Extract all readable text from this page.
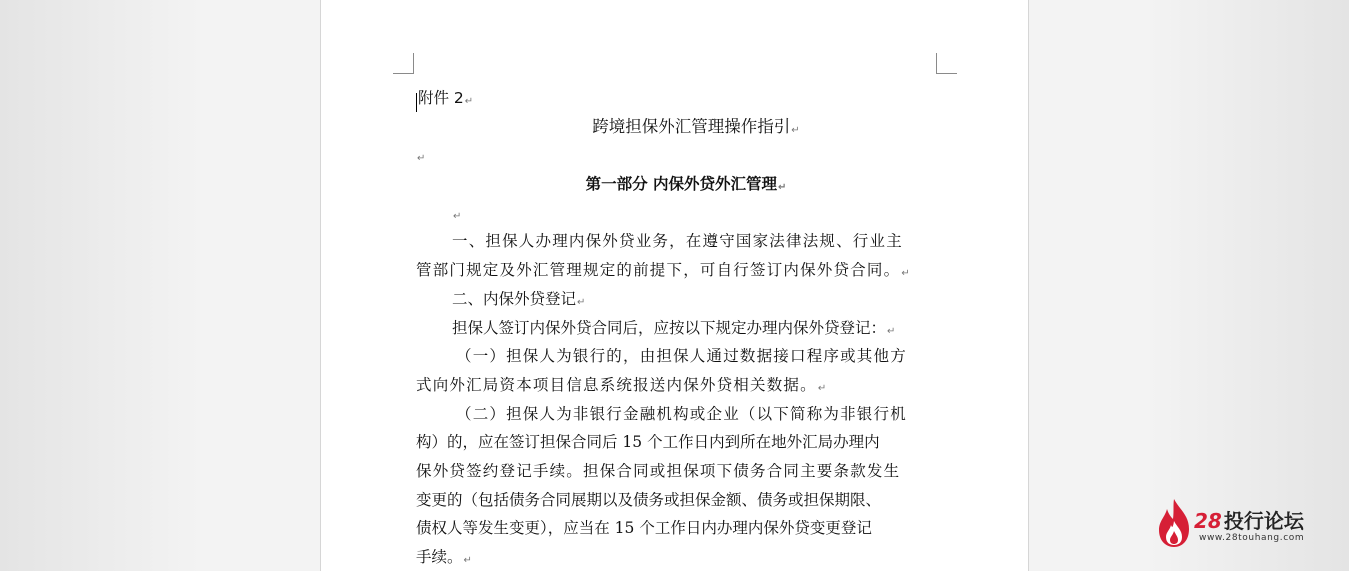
附件 2↵
跨境担保外汇管理操作指引↵
↵
第一部分 内保外贷外汇管理↵
↵
一、担保人办理内保外贷业务，在遵守国家法律法规、行业主
管部门规定及外汇管理规定的前提下，可自行签订内保外贷合同。↵
二、内保外贷登记↵
担保人签订内保外贷合同后，应按以下规定办理内保外贷登记：↵
（一）担保人为银行的，由担保人通过数据接口程序或其他方
式向外汇局资本项目信息系统报送内保外贷相关数据。↵
（二）担保人为非银行金融机构或企业（以下简称为非银行机
构）的，应在签订担保合同后 15 个工作日内到所在地外汇局办理内
保外贷签约登记手续。担保合同或担保项下债务合同主要条款发生
变更的（包括债务合同展期以及债务或担保金额、债务或担保期限、
债权人等发生变更），应当在 15 个工作日内办理内保外贷变更登记
手续。↵
28 投行论坛
www.28touhang.com
